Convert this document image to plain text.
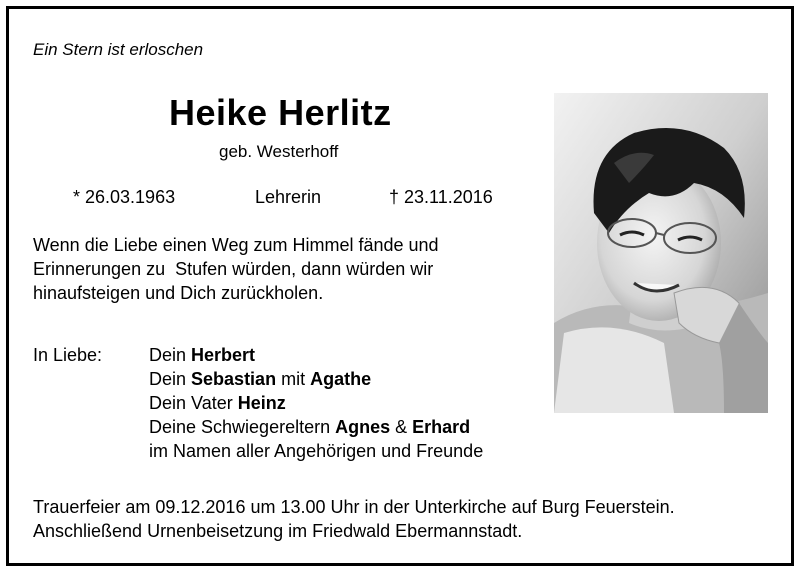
Ein Stern ist erloschen
Heike Herlitz
geb. Westerhoff
* 26.03.1963	Lehrerin	† 23.11.2016
Wenn die Liebe einen Weg zum Himmel fände und
Erinnerungen zu  Stufen würden, dann würden wir
hinaufsteigen und Dich zurückholen.
In Liebe:	Dein Herbert
Dein Sebastian mit Agathe
Dein Vater Heinz
Deine Schwiegereltern Agnes & Erhard
im Namen aller Angehörigen und Freunde
Trauerfeier am 09.12.2016 um 13.00 Uhr in der Unterkirche auf Burg Feuerstein.
Anschließend Urnenbeisetzung im Friedwald Ebermannstadt.
